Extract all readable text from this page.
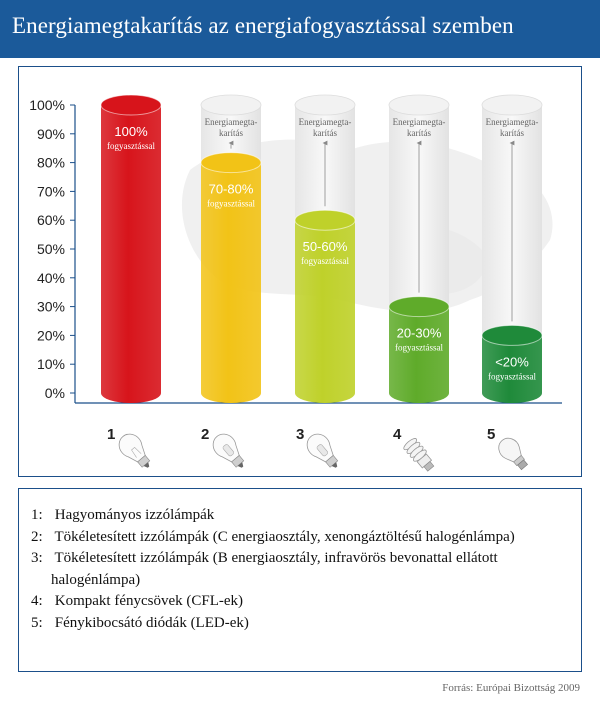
Energiamegtakarítás az energiafogyasztással szemben
0%
10%
20%
30%
40%
50%
60%
70%
80%
90%
100%
100%
fogyasztással
Energiamegta-karítás
70-80%
fogyasztással
Energiamegta-karítás
50-60%
fogyasztással
Energiamegta-karítás
20-30%
fogyasztással
Energiamegta-karítás
<20%
fogyasztással
1	2	3	4	5
1: Hagyományos izzólámpák
2: Tökéletesített izzólámpák (C energiaosztály, xenongáztöltésű halogénlámpa)
3: Tökéletesített izzólámpák (B energiaosztály, infravörös bevonattal ellátott
halogénlámpa)
4: Kompakt fénycsövek (CFL-ek)
5: Fénykibocsátó diódák (LED-ek)
Forrás: Európai Bizottság 2009
